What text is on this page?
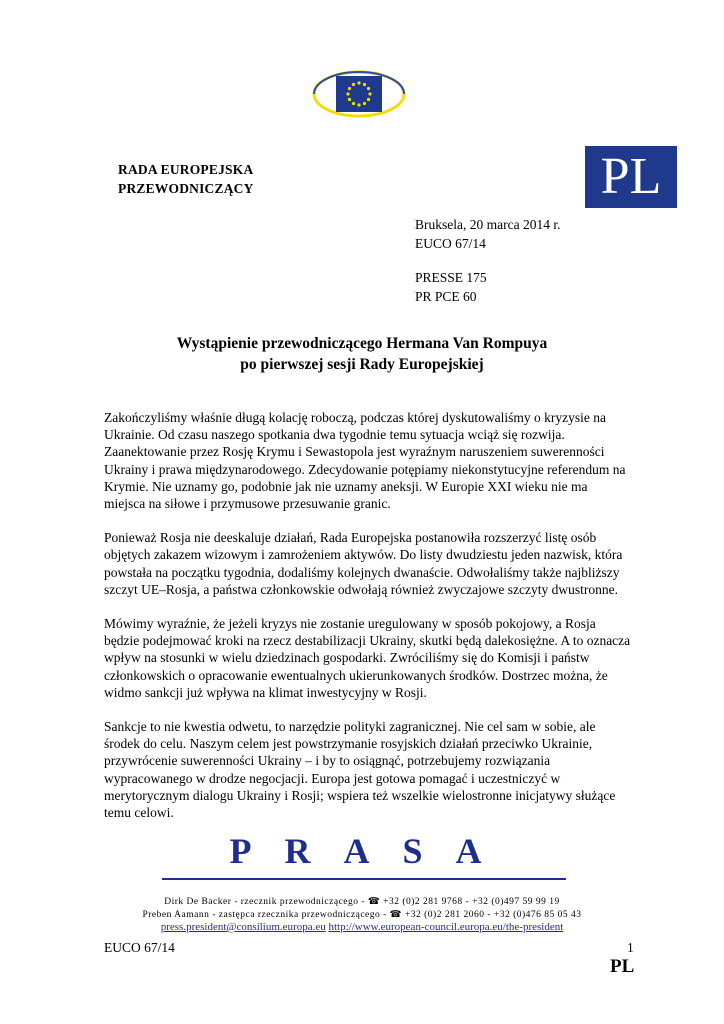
RADA EUROPEJSKA
PRZEWODNICZĄCY	PL
Bruksela, 20 marca 2014 r.
EUCO 67/14
PRESSE 175
PR PCE 60
Wystąpienie przewodniczącego Hermana Van Rompuya
po pierwszej sesji Rady Europejskiej

Zakończyliśmy właśnie długą kolację roboczą, podczas której dyskutowaliśmy o kryzysie na Ukrainie. Od czasu naszego spotkania dwa tygodnie temu sytuacja wciąż się rozwija. Zaanektowanie przez Rosję Krymu i Sewastopola jest wyraźnym naruszeniem suwerenności Ukrainy i prawa międzynarodowego. Zdecydowanie potępiamy niekonstytucyjne referendum na Krymie. Nie uznamy go, podobnie jak nie uznamy aneksji. W Europie XXI wieku nie ma miejsca na siłowe i przymusowe przesuwanie granic.

Ponieważ Rosja nie deeskaluje działań, Rada Europejska postanowiła rozszerzyć listę osób objętych zakazem wizowym i zamrożeniem aktywów. Do listy dwudziestu jeden nazwisk, która powstała na początku tygodnia, dodaliśmy kolejnych dwanaście. Odwołaliśmy także najbliższy szczyt UE–Rosja, a państwa członkowskie odwołają również zwyczajowe szczyty dwustronne.

Mówimy wyraźnie, że jeżeli kryzys nie zostanie uregulowany w sposób pokojowy, a Rosja będzie podejmować kroki na rzecz destabilizacji Ukrainy, skutki będą dalekosiężne. A to oznacza wpływ na stosunki w wielu dziedzinach gospodarki. Zwróciliśmy się do Komisji i państw członkowskich o opracowanie ewentualnych ukierunkowanych środków. Dostrzec można, że widmo sankcji już wpływa na klimat inwestycyjny w Rosji.

Sankcje to nie kwestia odwetu, to narzędzie polityki zagranicznej. Nie cel sam w sobie, ale środek do celu. Naszym celem jest powstrzymanie rosyjskich działań przeciwko Ukrainie, przywrócenie suwerenności Ukrainy – i by to osiągnąć, potrzebujemy rozwiązania wypracowanego w drodze negocjacji. Europa jest gotowa pomagać i uczestniczyć w merytorycznym dialogu Ukrainy i Rosji; wspiera też wszelkie wielostronne inicjatywy służące temu celowi.

P R A S A
Dirk De Backer - rzecznik przewodniczącego - ☎ +32 (0)2 281 9768 - +32 (0)497 59 99 19
Preben Aamann - zastępca rzecznika przewodniczącego - ☎ +32 (0)2 281 2060 - +32 (0)476 85 05 43
press.president@consilium.europa.eu http://www.european-council.europa.eu/the-president
EUCO 67/14	1
PL
